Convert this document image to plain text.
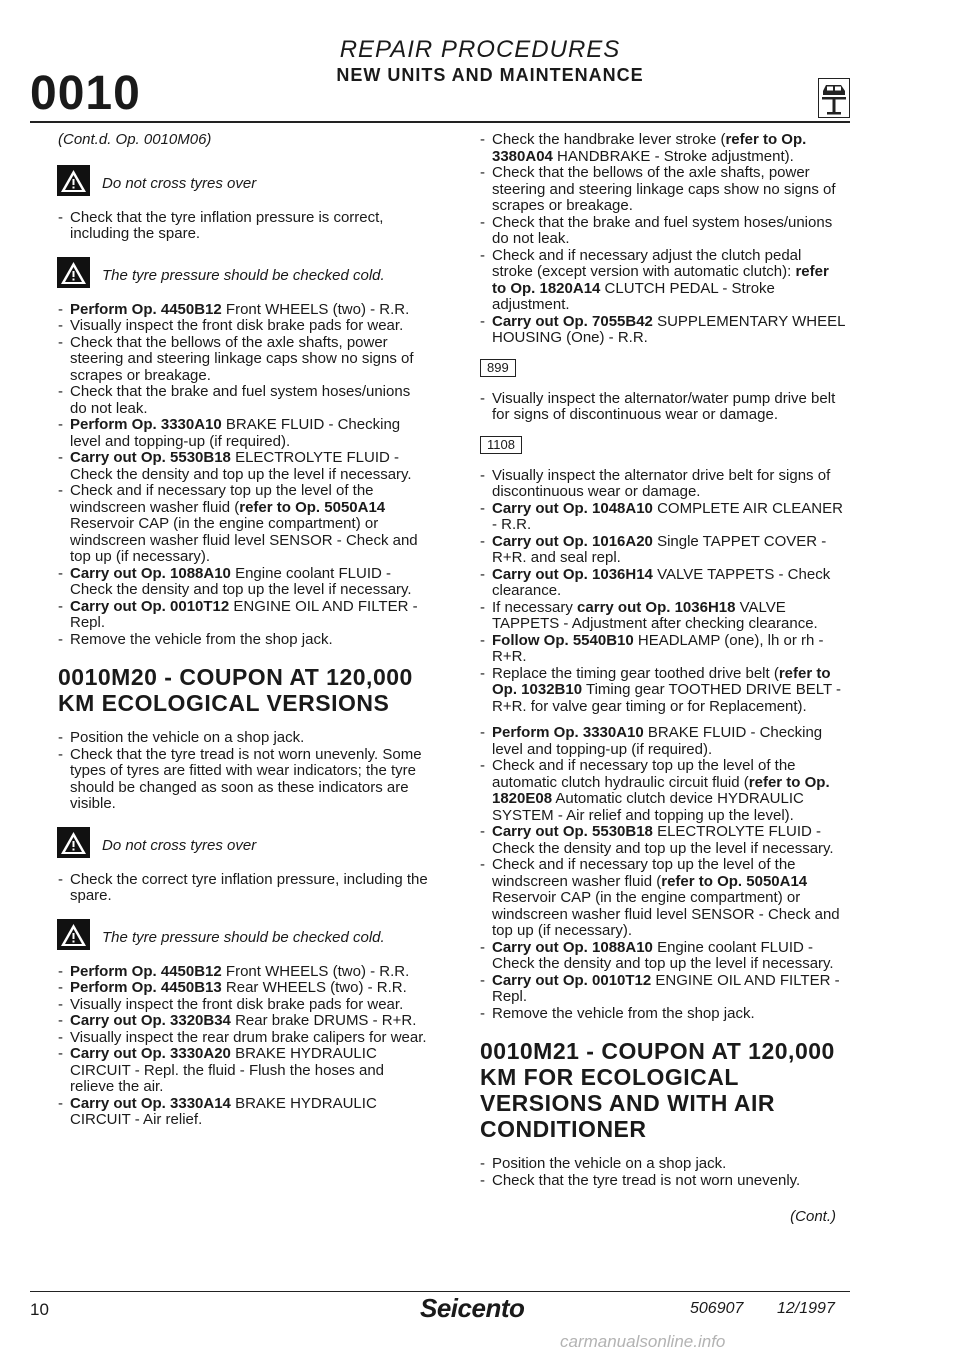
0010
REPAIR PROCEDURES
NEW UNITS AND MAINTENANCE

(Cont.d. Op. 0010M06)

Do not cross tyres over

- Check that the tyre inflation pressure is correct, including the spare.

The tyre pressure should be checked cold.

- Perform Op. 4450B12 Front WHEELS (two) - R.R.

- Visually inspect the front disk brake pads for wear.

- Check that the bellows of the axle shafts, power steering and steering linkage caps show no signs of scrapes or breakage.

- Check that the brake and fuel system hoses/unions do not leak.

- Perform Op. 3330A10 BRAKE FLUID - Checking level and topping-up (if required).

- Carry out Op. 5530B18 ELECTROLYTE FLUID - Check the density and top up the level if necessary.

- Check and if necessary top up the level of the windscreen washer fluid (refer to Op. 5050A14 Reservoir CAP (in the engine compartment) or windscreen washer fluid level SENSOR - Check and top up (if necessary).

- Carry out Op. 1088A10 Engine coolant FLUID - Check the density and top up the level if necessary.

- Carry out Op. 0010T12 ENGINE OIL AND FILTER - Repl.

- Remove the vehicle from the shop jack.

0010M20 - COUPON AT 120,000 KM ECOLOGICAL VERSIONS

- Position the vehicle on a shop jack.

- Check that the tyre tread is not worn unevenly. Some types of tyres are fitted with wear indicators; the tyre should be changed as soon as these indicators are visible.

Do not cross tyres over

- Check the correct tyre inflation pressure, including the spare.

The tyre pressure should be checked cold.

- Perform Op. 4450B12 Front WHEELS (two) - R.R.

- Perform Op. 4450B13 Rear WHEELS (two) - R.R.

- Visually inspect the front disk brake pads for wear.

- Carry out Op. 3320B34 Rear brake DRUMS - R+R.

- Visually inspect the rear drum brake calipers for wear.

- Carry out Op. 3330A20 BRAKE HYDRAULIC CIRCUIT - Repl. the fluid - Flush the hoses and relieve the air.

- Carry out Op. 3330A14 BRAKE HYDRAULIC CIRCUIT - Air relief.

- Check the handbrake lever stroke (refer to Op. 3380A04 HANDBRAKE - Stroke adjustment).

- Check that the bellows of the axle shafts, power steering and steering linkage caps show no signs of scrapes or breakage.

- Check that the brake and fuel system hoses/unions do not leak.

- Check and if necessary adjust the clutch pedal stroke (except version with automatic clutch): refer to Op. 1820A14 CLUTCH PEDAL - Stroke adjustment.

- Carry out Op. 7055B42 SUPPLEMENTARY WHEEL HOUSING (One) - R.R.

899

- Visually inspect the alternator/water pump drive belt for signs of discontinuous wear or damage.

1108

- Visually inspect the alternator drive belt for signs of discontinuous wear or damage.

- Carry out Op. 1048A10 COMPLETE AIR CLEANER - R.R.

- Carry out Op. 1016A20 Single TAPPET COVER - R+R. and seal repl.

- Carry out Op. 1036H14 VALVE TAPPETS - Check clearance.

- If necessary carry out Op. 1036H18 VALVE TAPPETS - Adjustment after checking clearance.

- Follow Op. 5540B10 HEADLAMP (one), lh or rh - R+R.

- Replace the timing gear toothed drive belt (refer to Op. 1032B10 Timing gear TOOTHED DRIVE BELT - R+R. for valve gear timing or for Replacement).

- Perform Op. 3330A10 BRAKE FLUID - Checking level and topping-up (if required).

- Check and if necessary top up the level of the automatic clutch hydraulic circuit fluid (refer to Op. 1820E08 Automatic clutch device HYDRAULIC SYSTEM - Air relief and topping up the level).

- Carry out Op. 5530B18 ELECTROLYTE FLUID - Check the density and top up the level if necessary.

- Check and if necessary top up the level of the windscreen washer fluid (refer to Op. 5050A14 Reservoir CAP (in the engine compartment) or windscreen washer fluid level SENSOR - Check and top up (if necessary).

- Carry out Op. 1088A10 Engine coolant FLUID - Check the density and top up the level if necessary.

- Carry out Op. 0010T12 ENGINE OIL AND FILTER - Repl.

- Remove the vehicle from the shop jack.

0010M21 - COUPON AT 120,000 KM FOR ECOLOGICAL VERSIONS AND WITH AIR CONDITIONER

- Position the vehicle on a shop jack.

- Check that the tyre tread is not worn unevenly.

(Cont.)

10	Seicento	506907 12/1997
carmanualsonline.info
